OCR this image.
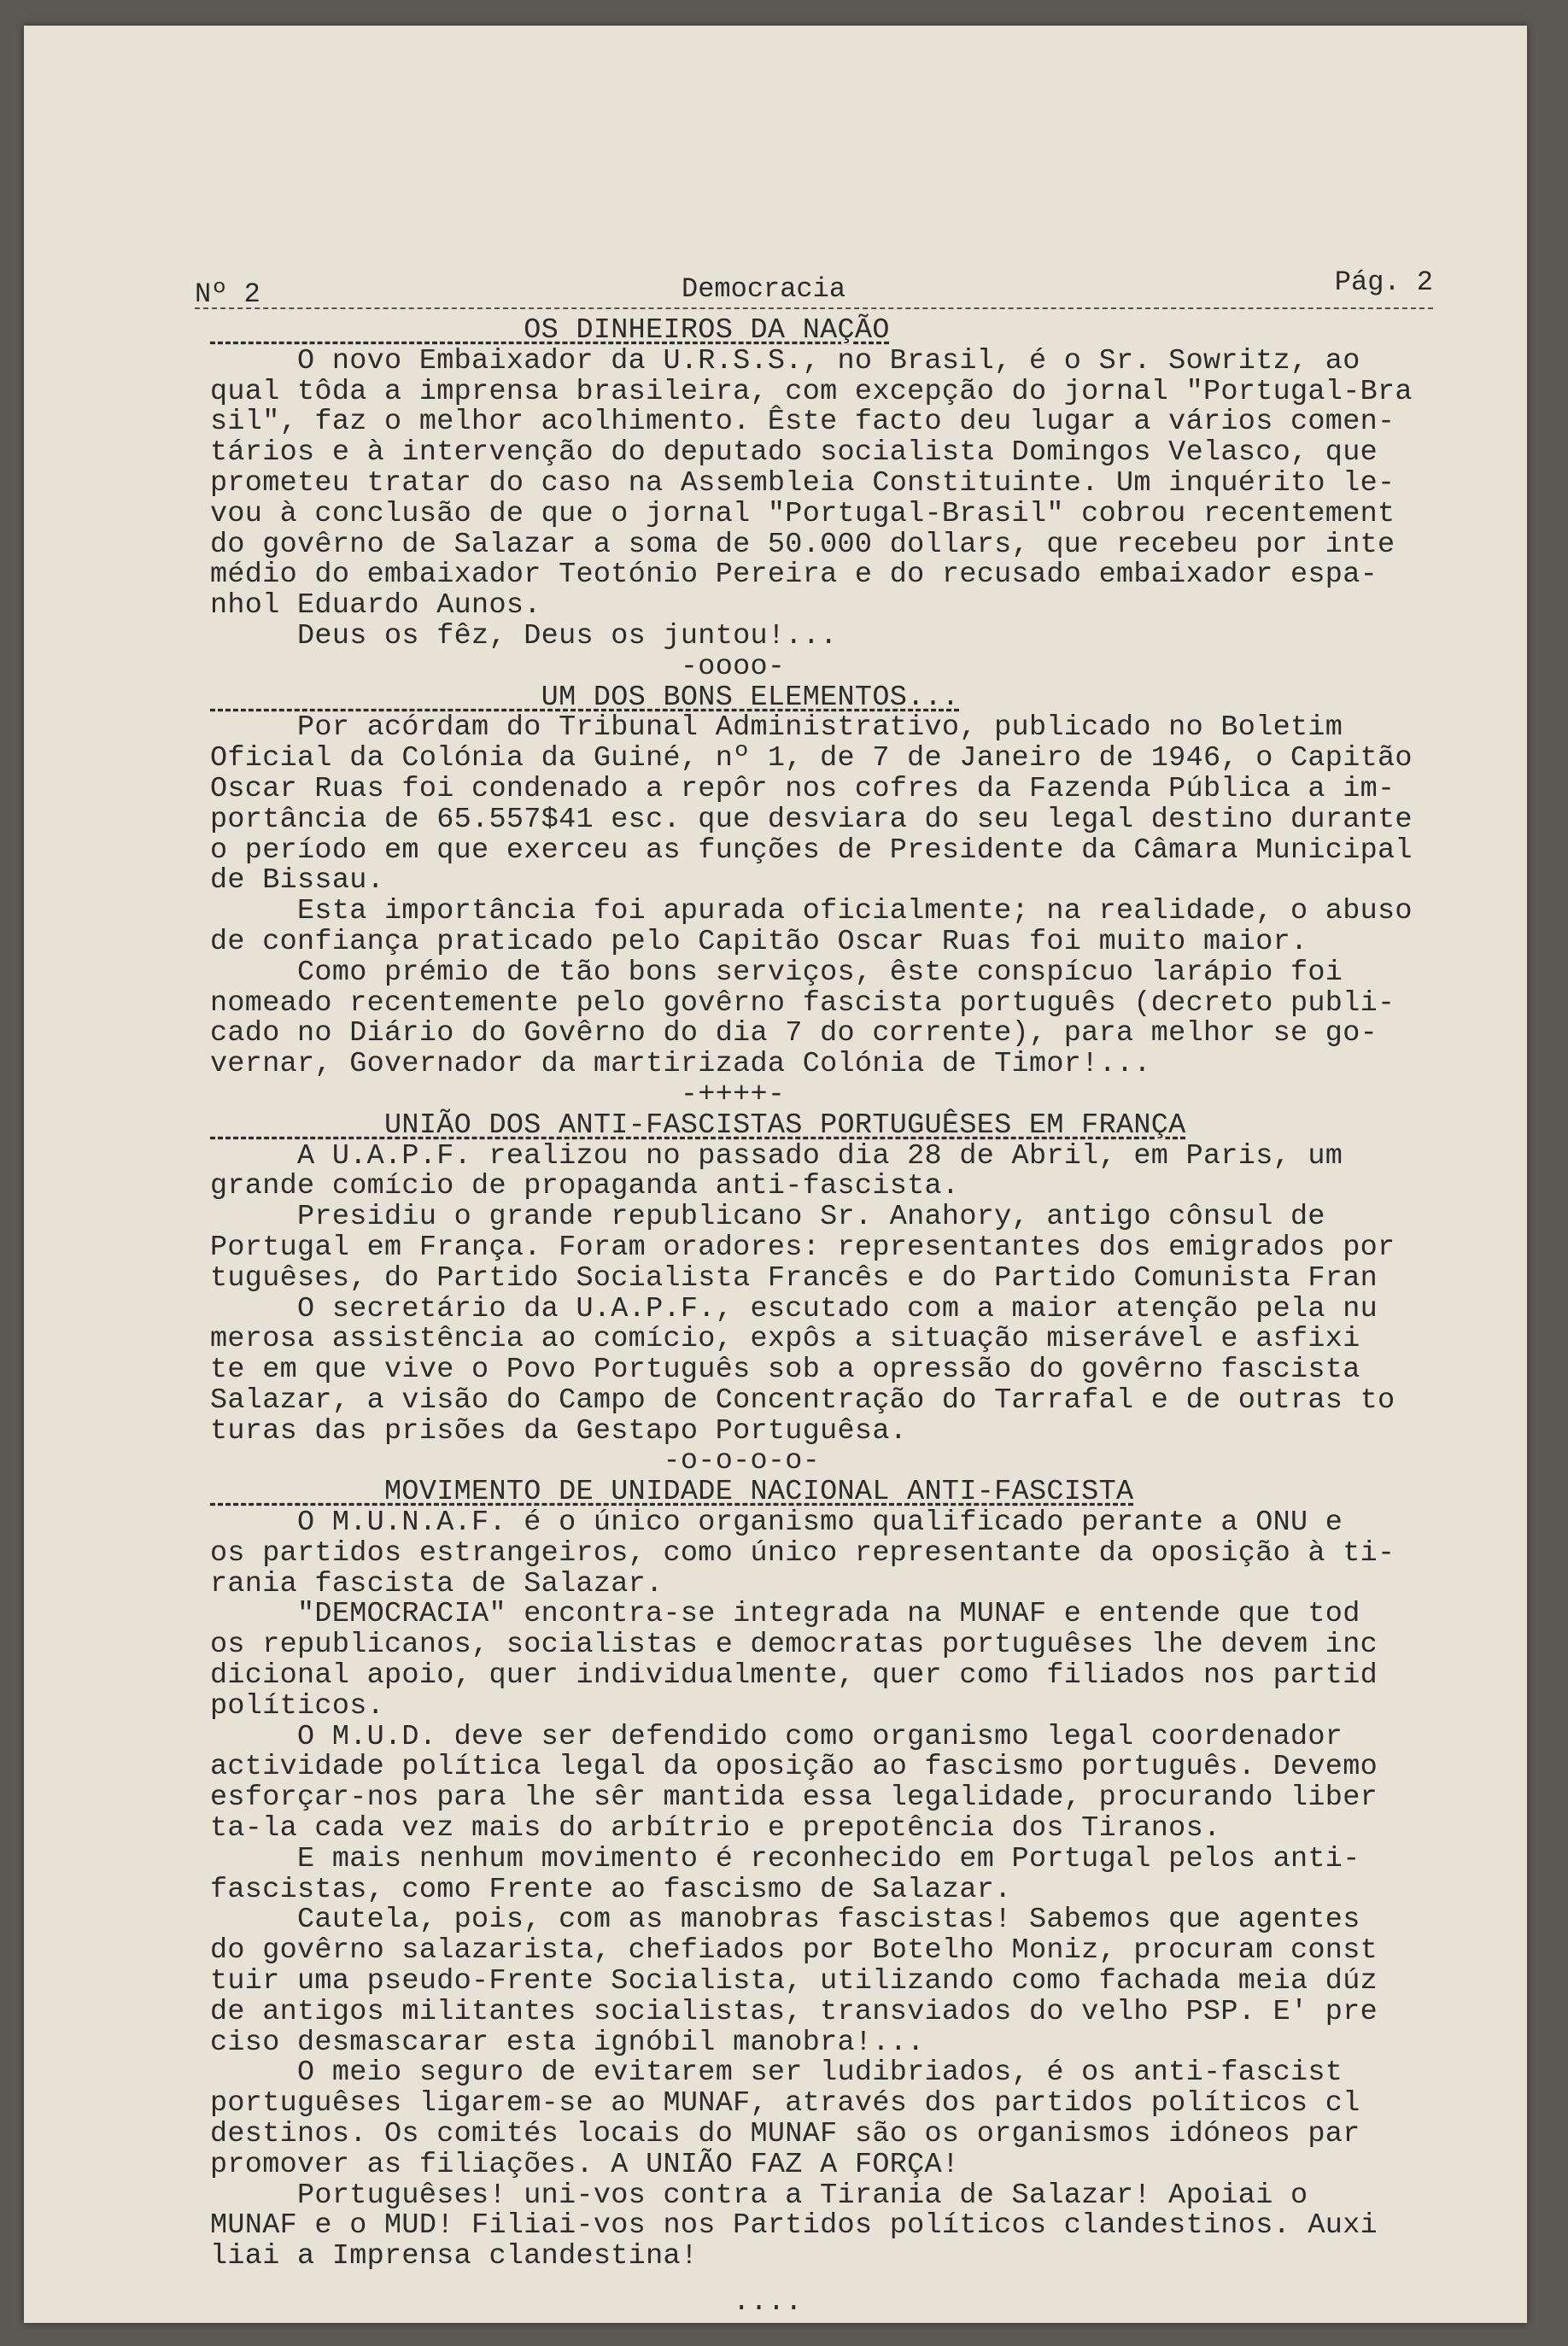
Nº 2	Democracia	Pág. 2

OS DINHEIROS DA NAÇÃO

O novo Embaixador da U.R.S.S., no Brasil, é o Sr. Sowritz, ao

qual tôda a imprensa brasileira, com excepção do jornal "Portugal-Bra

sil", faz o melhor acolhimento. Êste facto deu lugar a vários comen-

tários e à intervenção do deputado socialista Domingos Velasco, que

prometeu tratar do caso na Assembleia Constituinte. Um inquérito le-

vou à conclusão de que o jornal "Portugal-Brasil" cobrou recentement

do govêrno de Salazar a soma de 50.000 dollars, que recebeu por inte

médio do embaixador Teotónio Pereira e do recusado embaixador espa-

nhol Eduardo Aunos.

Deus os fêz, Deus os juntou!...

-oooo-

UM DOS BONS ELEMENTOS...

Por acórdam do Tribunal Administrativo, publicado no Boletim

Oficial da Colónia da Guiné, nº 1, de 7 de Janeiro de 1946, o Capitão

Oscar Ruas foi condenado a repôr nos cofres da Fazenda Pública a im-

portância de 65.557$41 esc. que desviara do seu legal destino durante

o período em que exerceu as funções de Presidente da Câmara Municipal

de Bissau.

Esta importância foi apurada oficialmente; na realidade, o abuso

de confiança praticado pelo Capitão Oscar Ruas foi muito maior.

Como prémio de tão bons serviços, êste conspícuo larápio foi

nomeado recentemente pelo govêrno fascista português (decreto publi-

cado no Diário do Govêrno do dia 7 do corrente), para melhor se go-

vernar, Governador da martirizada Colónia de Timor!...

-++++-

UNIÃO DOS ANTI-FASCISTAS PORTUGUÊSES EM FRANÇA

A U.A.P.F. realizou no passado dia 28 de Abril, em Paris, um

grande comício de propaganda anti-fascista.

Presidiu o grande republicano Sr. Anahory, antigo cônsul de

Portugal em França. Foram oradores: representantes dos emigrados por

tuguêses, do Partido Socialista Francês e do Partido Comunista Fran

O secretário da U.A.P.F., escutado com a maior atenção pela nu

merosa assistência ao comício, expôs a situação miserável e asfixi

te em que vive o Povo Português sob a opressão do govêrno fascista

Salazar, a visão do Campo de Concentração do Tarrafal e de outras to

turas das prisões da Gestapo Portuguêsa.

-o-o-o-o-

MOVIMENTO DE UNIDADE NACIONAL ANTI-FASCISTA

O M.U.N.A.F. é o único organismo qualificado perante a ONU e

os partidos estrangeiros, como único representante da oposição à ti-

rania fascista de Salazar.

"DEMOCRACIA" encontra-se integrada na MUNAF e entende que tod

os republicanos, socialistas e democratas portuguêses lhe devem inc

dicional apoio, quer individualmente, quer como filiados nos partid

políticos.

O M.U.D. deve ser defendido como organismo legal coordenador

actividade política legal da oposição ao fascismo português. Devemo

esforçar-nos para lhe sêr mantida essa legalidade, procurando liber

ta-la cada vez mais do arbítrio e prepotência dos Tiranos.

E mais nenhum movimento é reconhecido em Portugal pelos anti-

fascistas, como Frente ao fascismo de Salazar.

Cautela, pois, com as manobras fascistas! Sabemos que agentes

do govêrno salazarista, chefiados por Botelho Moniz, procuram const

tuir uma pseudo-Frente Socialista, utilizando como fachada meia dúz

de antigos militantes socialistas, transviados do velho PSP. E' pre

ciso desmascarar esta ignóbil manobra!...

O meio seguro de evitarem ser ludibriados, é os anti-fascist

portuguêses ligarem-se ao MUNAF, através dos partidos políticos cl

destinos. Os comités locais do MUNAF são os organismos idóneos par

promover as filiações. A UNIÃO FAZ A FORÇA!

Portuguêses! uni-vos contra a Tirania de Salazar! Apoiai o

MUNAF e o MUD! Filiai-vos nos Partidos políticos clandestinos. Auxi

liai a Imprensa clandestina!

....
